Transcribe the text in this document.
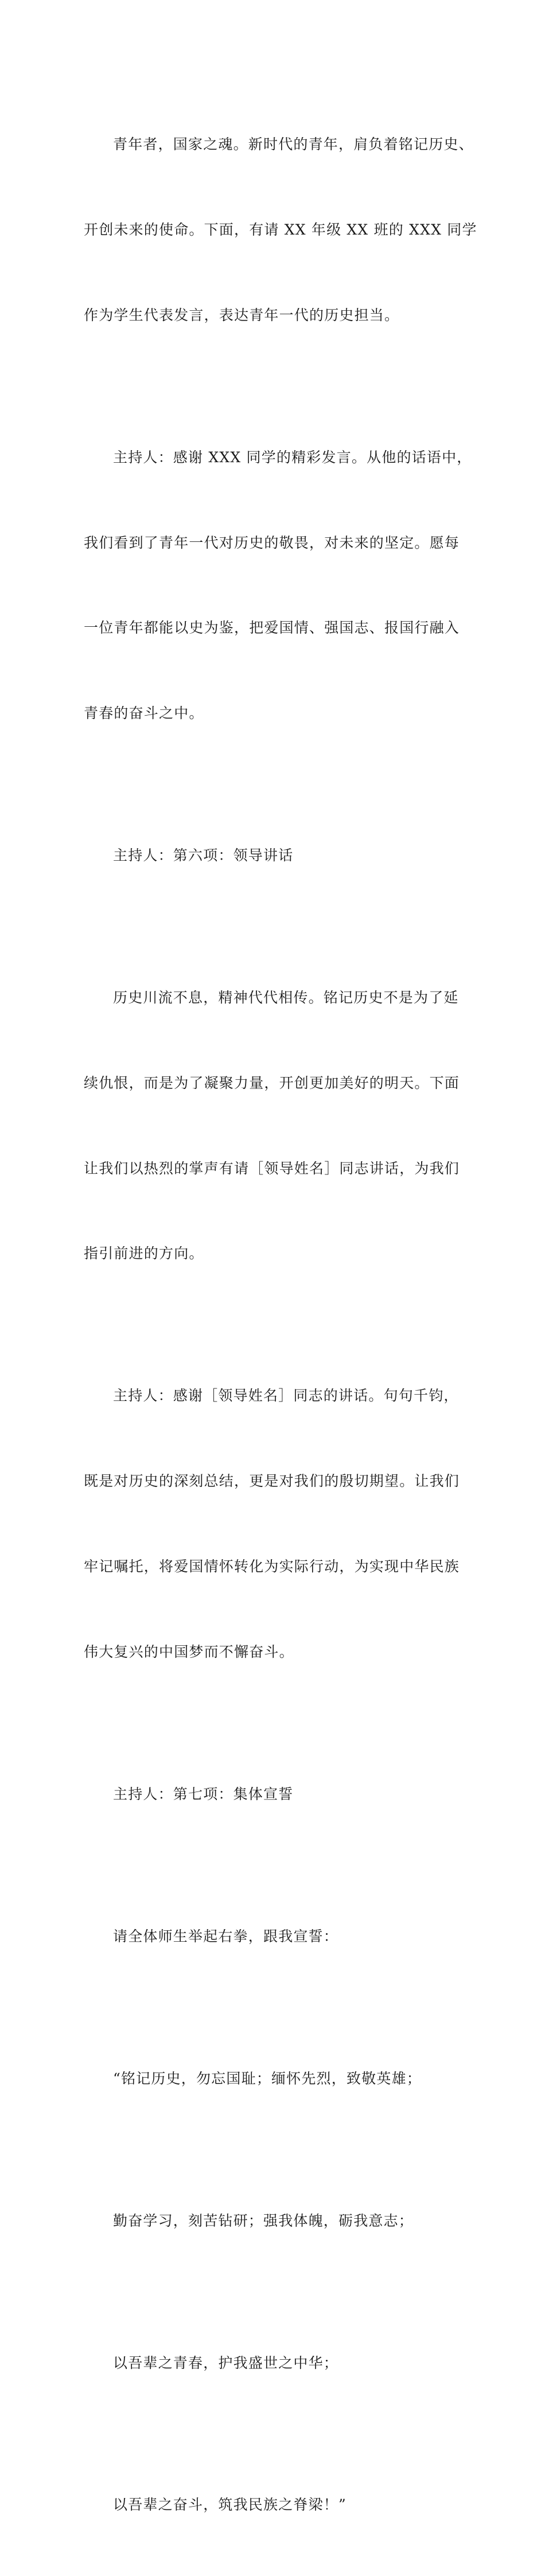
青年者，国家之魂。新时代的青年，肩负着铭记历史、

开创未来的使命。下面，有请 XX 年级 XX 班的 XXX 同学

作为学生代表发言，表达青年一代的历史担当。

主持人：感谢 XXX 同学的精彩发言。从他的话语中，

我们看到了青年一代对历史的敬畏，对未来的坚定。愿每

一位青年都能以史为鉴，把爱国情、强国志、报国行融入

青春的奋斗之中。

主持人：第六项：领导讲话

历史川流不息，精神代代相传。铭记历史不是为了延

续仇恨，而是为了凝聚力量，开创更加美好的明天。下面

让我们以热烈的掌声有请［领导姓名］同志讲话，为我们

指引前进的方向。

主持人：感谢［领导姓名］同志的讲话。句句千钧，

既是对历史的深刻总结，更是对我们的殷切期望。让我们

牢记嘱托，将爱国情怀转化为实际行动，为实现中华民族

伟大复兴的中国梦而不懈奋斗。

主持人：第七项：集体宣誓

请全体师生举起右拳，跟我宣誓：

“铭记历史，勿忘国耻；缅怀先烈，致敬英雄；

勤奋学习，刻苦钻研；强我体魄，砺我意志；

以吾辈之青春，护我盛世之中华；

以吾辈之奋斗，筑我民族之脊梁！”
